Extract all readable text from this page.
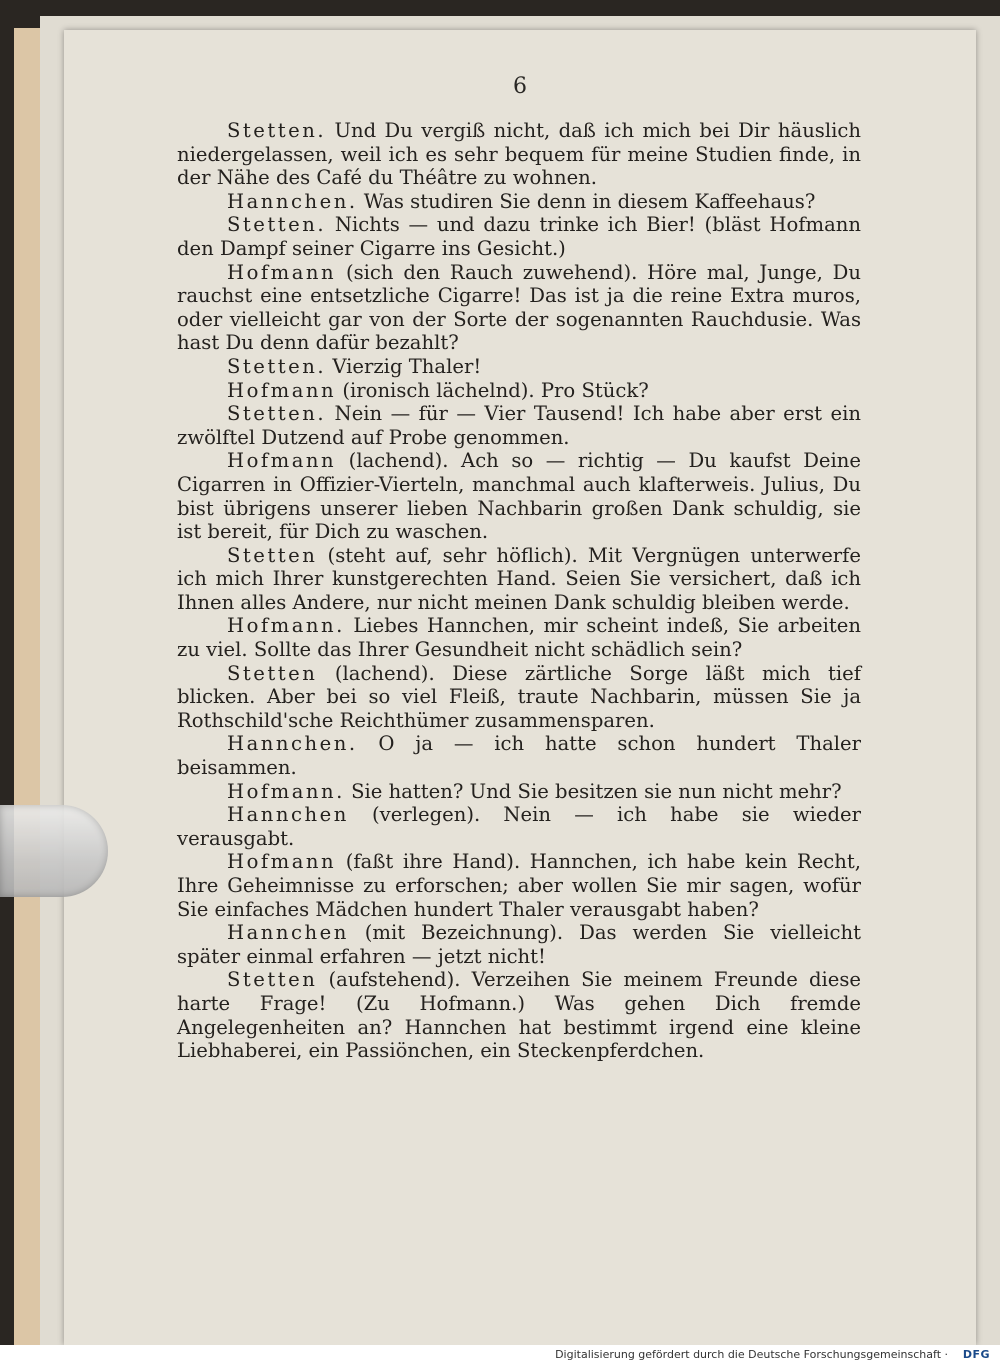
6

Stetten. Und Du vergiß nicht, daß ich mich bei Dir häuslich niedergelassen, weil ich es sehr bequem für meine Studien finde, in der Nähe des Café du Théâtre zu wohnen.

Hannchen. Was studiren Sie denn in diesem Kaffeehaus?

Stetten. Nichts — und dazu trinke ich Bier! (bläst Hofmann den Dampf seiner Cigarre ins Gesicht.)

Hofmann (sich den Rauch zuwehend). Höre mal, Junge, Du rauchst eine entsetzliche Cigarre! Das ist ja die reine Extra muros, oder vielleicht gar von der Sorte der sogenannten Rauchdusie. Was hast Du denn dafür bezahlt?

Stetten. Vierzig Thaler!

Hofmann (ironisch lächelnd). Pro Stück?

Stetten. Nein — für — Vier Tausend! Ich habe aber erst ein zwölftel Dutzend auf Probe genommen.

Hofmann (lachend). Ach so — richtig — Du kaufst Deine Cigarren in Offizier-Vierteln, manchmal auch klafterweis. Julius, Du bist übrigens unserer lieben Nachbarin großen Dank schuldig, sie ist bereit, für Dich zu waschen.

Stetten (steht auf, sehr höflich). Mit Vergnügen unterwerfe ich mich Ihrer kunstgerechten Hand. Seien Sie versichert, daß ich Ihnen alles Andere, nur nicht meinen Dank schuldig bleiben werde.

Hofmann. Liebes Hannchen, mir scheint indeß, Sie arbeiten zu viel. Sollte das Ihrer Gesundheit nicht schädlich sein?

Stetten (lachend). Diese zärtliche Sorge läßt mich tief blicken. Aber bei so viel Fleiß, traute Nachbarin, müssen Sie ja Rothschild'sche Reichthümer zusammensparen.

Hannchen. O ja — ich hatte schon hundert Thaler beisammen.

Hofmann. Sie hatten? Und Sie besitzen sie nun nicht mehr?

Hannchen (verlegen). Nein — ich habe sie wieder verausgabt.

Hofmann (faßt ihre Hand). Hannchen, ich habe kein Recht, Ihre Geheimnisse zu erforschen; aber wollen Sie mir sagen, wofür Sie einfaches Mädchen hundert Thaler verausgabt haben?

Hannchen (mit Bezeichnung). Das werden Sie vielleicht später einmal erfahren — jetzt nicht!

Stetten (aufstehend). Verzeihen Sie meinem Freunde diese harte Frage! (Zu Hofmann.) Was gehen Dich fremde Angelegenheiten an? Hannchen hat bestimmt irgend eine kleine Liebhaberei, ein Passiönchen, ein Steckenpferdchen.

Digitalisierung gefördert durch die Deutsche Forschungsgemeinschaft · DFG
